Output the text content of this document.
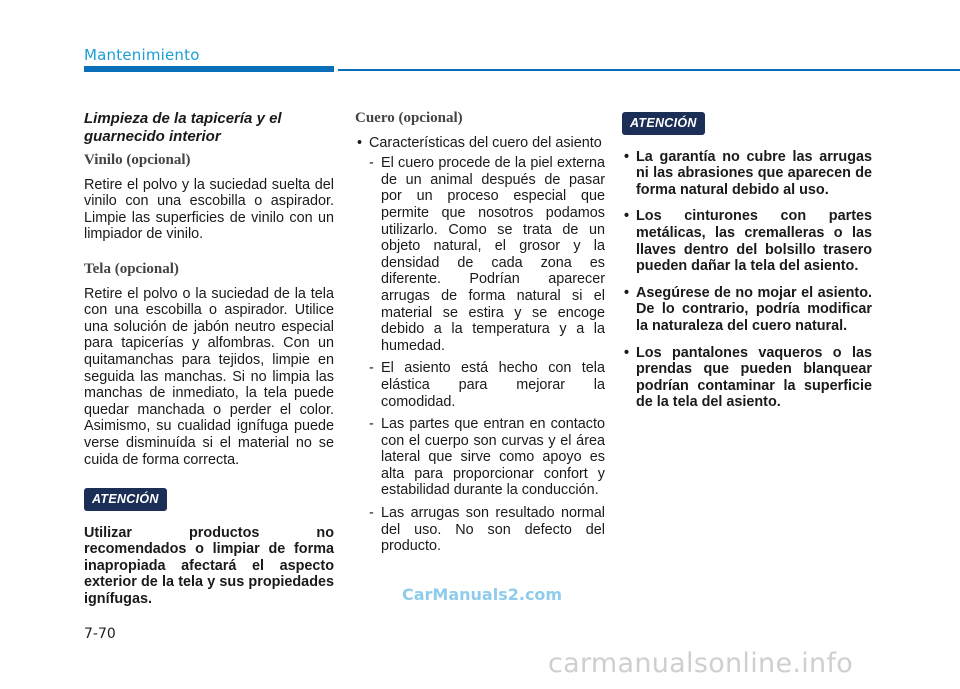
Mantenimiento
Limpieza de la tapicería y el guarnecido interior
Vinilo (opcional)

Retire el polvo y la suciedad suelta del vinilo con una escobilla o aspirador. Limpie las superficies de vinilo con un limpiador de vinilo.

Tela (opcional)

Retire el polvo o la suciedad de la tela con una escobilla o aspirador. Utilice una solución de jabón neutro especial para tapicerías y alfombras. Con un quitamanchas para tejidos, limpie en seguida las manchas. Si no limpia las manchas de inmediato, la tela puede quedar manchada o perder el color. Asimismo, su cualidad ignífuga puede verse disminuída si el material no se cuida de forma correcta.

ATENCIÓN

Utilizar productos no recomendados o limpiar de forma inapropiada afectará el aspecto exterior de la tela y sus propiedades ignífugas.

Cuero (opcional)
• Características del cuero del asiento
- El cuero procede de la piel externa de un animal después de pasar por un proceso especial que permite que nosotros podamos utilizarlo. Como se trata de un objeto natural, el grosor y la densidad de cada zona es diferente. Podrían aparecer arrugas de forma natural si el material se estira y se encoge debido a la temperatura y a la humedad.
- El asiento está hecho con tela elástica para mejorar la comodidad.
- Las partes que entran en contacto con el cuerpo son curvas y el área lateral que sirve como apoyo es alta para proporcionar confort y estabilidad durante la conducción.
- Las arrugas son resultado normal del uso. No son defecto del producto.
ATENCIÓN
• La garantía no cubre las arrugas ni las abrasiones que aparecen de forma natural debido al uso.
• Los cinturones con partes metálicas, las cremalleras o las llaves dentro del bolsillo trasero pueden dañar la tela del asiento.
• Asegúrese de no mojar el asiento. De lo contrario, podría modificar la naturaleza del cuero natural.
• Los pantalones vaqueros o las prendas que pueden blanquear podrían contaminar la superficie de la tela del asiento.
7-70
CarManuals2.com
carmanualsonline.info
